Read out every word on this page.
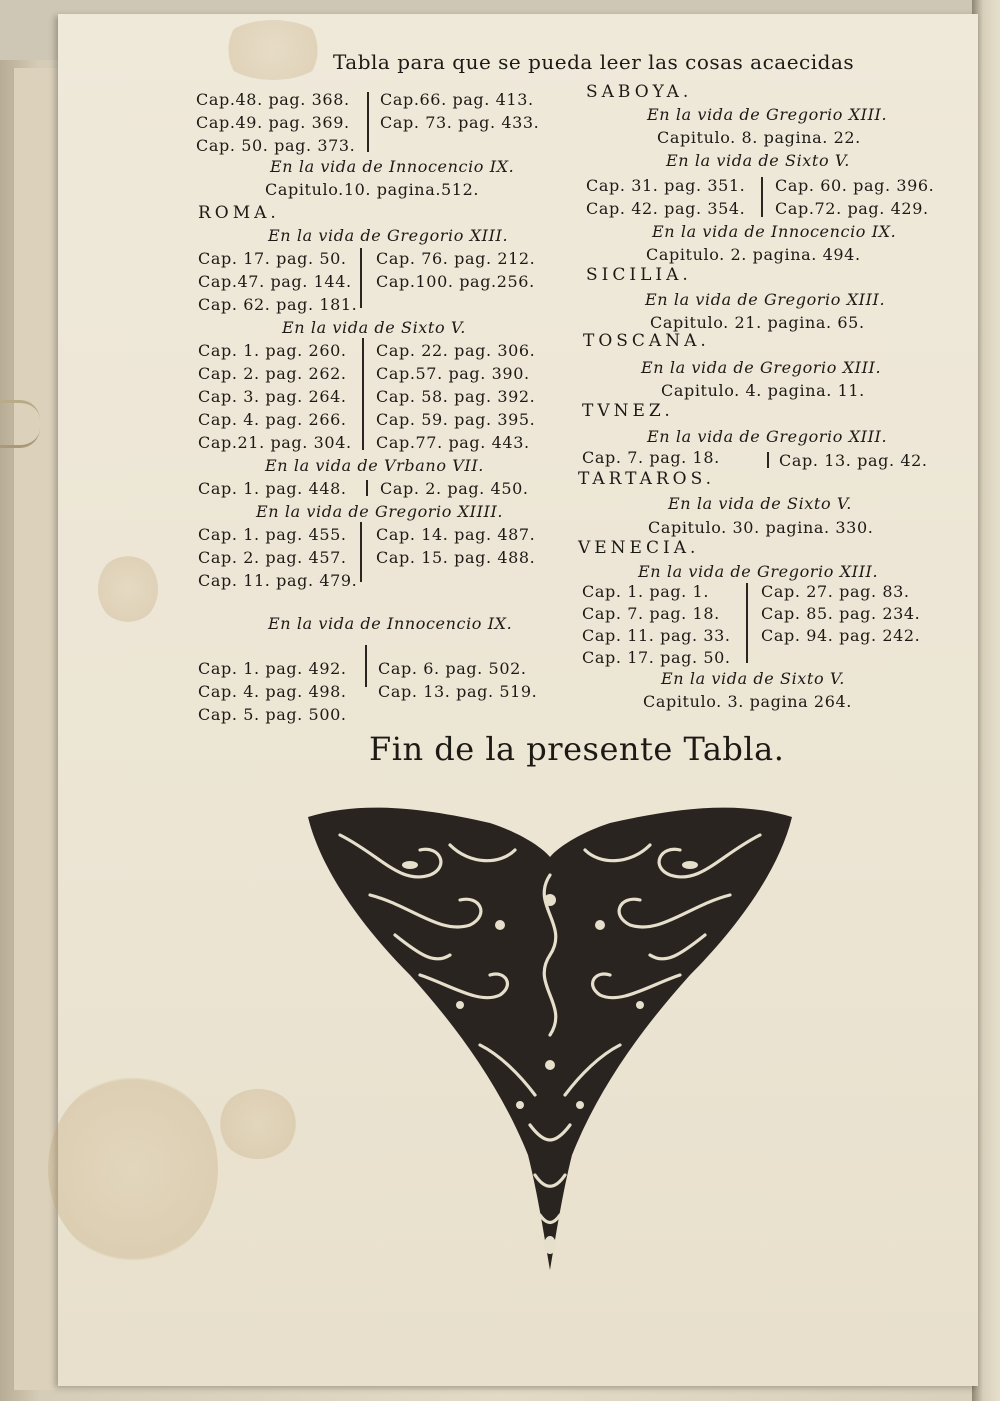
Tabla para que se pueda leer las cosas acaecidas
Cap.48. pag. 368. Cap.66. pag. 413.
Cap.49. pag. 369. Cap. 73. pag. 433.
Cap. 50. pag. 373.
En la vida de Innocencio IX.
Capitulo.10. pagina.512.
ROMA.
En la vida de Gregorio XIII.
Cap. 17. pag. 50. Cap. 76. pag. 212.
Cap.47. pag. 144. Cap.100. pag.256.
Cap. 62. pag. 181.
En la vida de Sixto V.
Cap. 1. pag. 260. Cap. 22. pag. 306.
Cap. 2. pag. 262. Cap.57. pag. 390.
Cap. 3. pag. 264. Cap. 58. pag. 392.
Cap. 4. pag. 266. Cap. 59. pag. 395.
Cap.21. pag. 304. Cap.77. pag. 443.
En la vida de Vrbano VII.
Cap. 1. pag. 448. Cap. 2. pag. 450.
En la vida de Gregorio XIIII.
Cap. 1. pag. 455. Cap. 14. pag. 487.
Cap. 2. pag. 457. Cap. 15. pag. 488.
Cap. 11. pag. 479.
En la vida de Innocencio IX.
Cap. 1. pag. 492. Cap. 6. pag. 502.
Cap. 4. pag. 498. Cap. 13. pag. 519.
Cap. 5. pag. 500.
SABOYA.
En la vida de Gregorio XIII.
Capitulo. 8. pagina. 22.
En la vida de Sixto V.
Cap. 31. pag. 351. Cap. 60. pag. 396.
Cap. 42. pag. 354. Cap.72. pag. 429.
En la vida de Innocencio IX.
Capitulo. 2. pagina. 494.
SICILIA.
En la vida de Gregorio XIII.
Capitulo. 21. pagina. 65.
TOSCANA.
En la vida de Gregorio XIII.
Capitulo. 4. pagina. 11.
TVNEZ.
En la vida de Gregorio XIII.
Cap. 7. pag. 18.	Cap. 13. pag. 42.
TARTAROS.
En la vida de Sixto V.
Capitulo. 30. pagina. 330.
VENECIA.
En la vida de Gregorio XIII.
Cap. 1. pag. 1.	Cap. 27. pag. 83.
Cap. 7. pag. 18.	Cap. 85. pag. 234.
Cap. 11. pag. 33. Cap. 94. pag. 242.
Cap. 17. pag. 50.
En la vida de Sixto V.
Capitulo. 3. pagina 264.
Fin de la presente Tabla.
